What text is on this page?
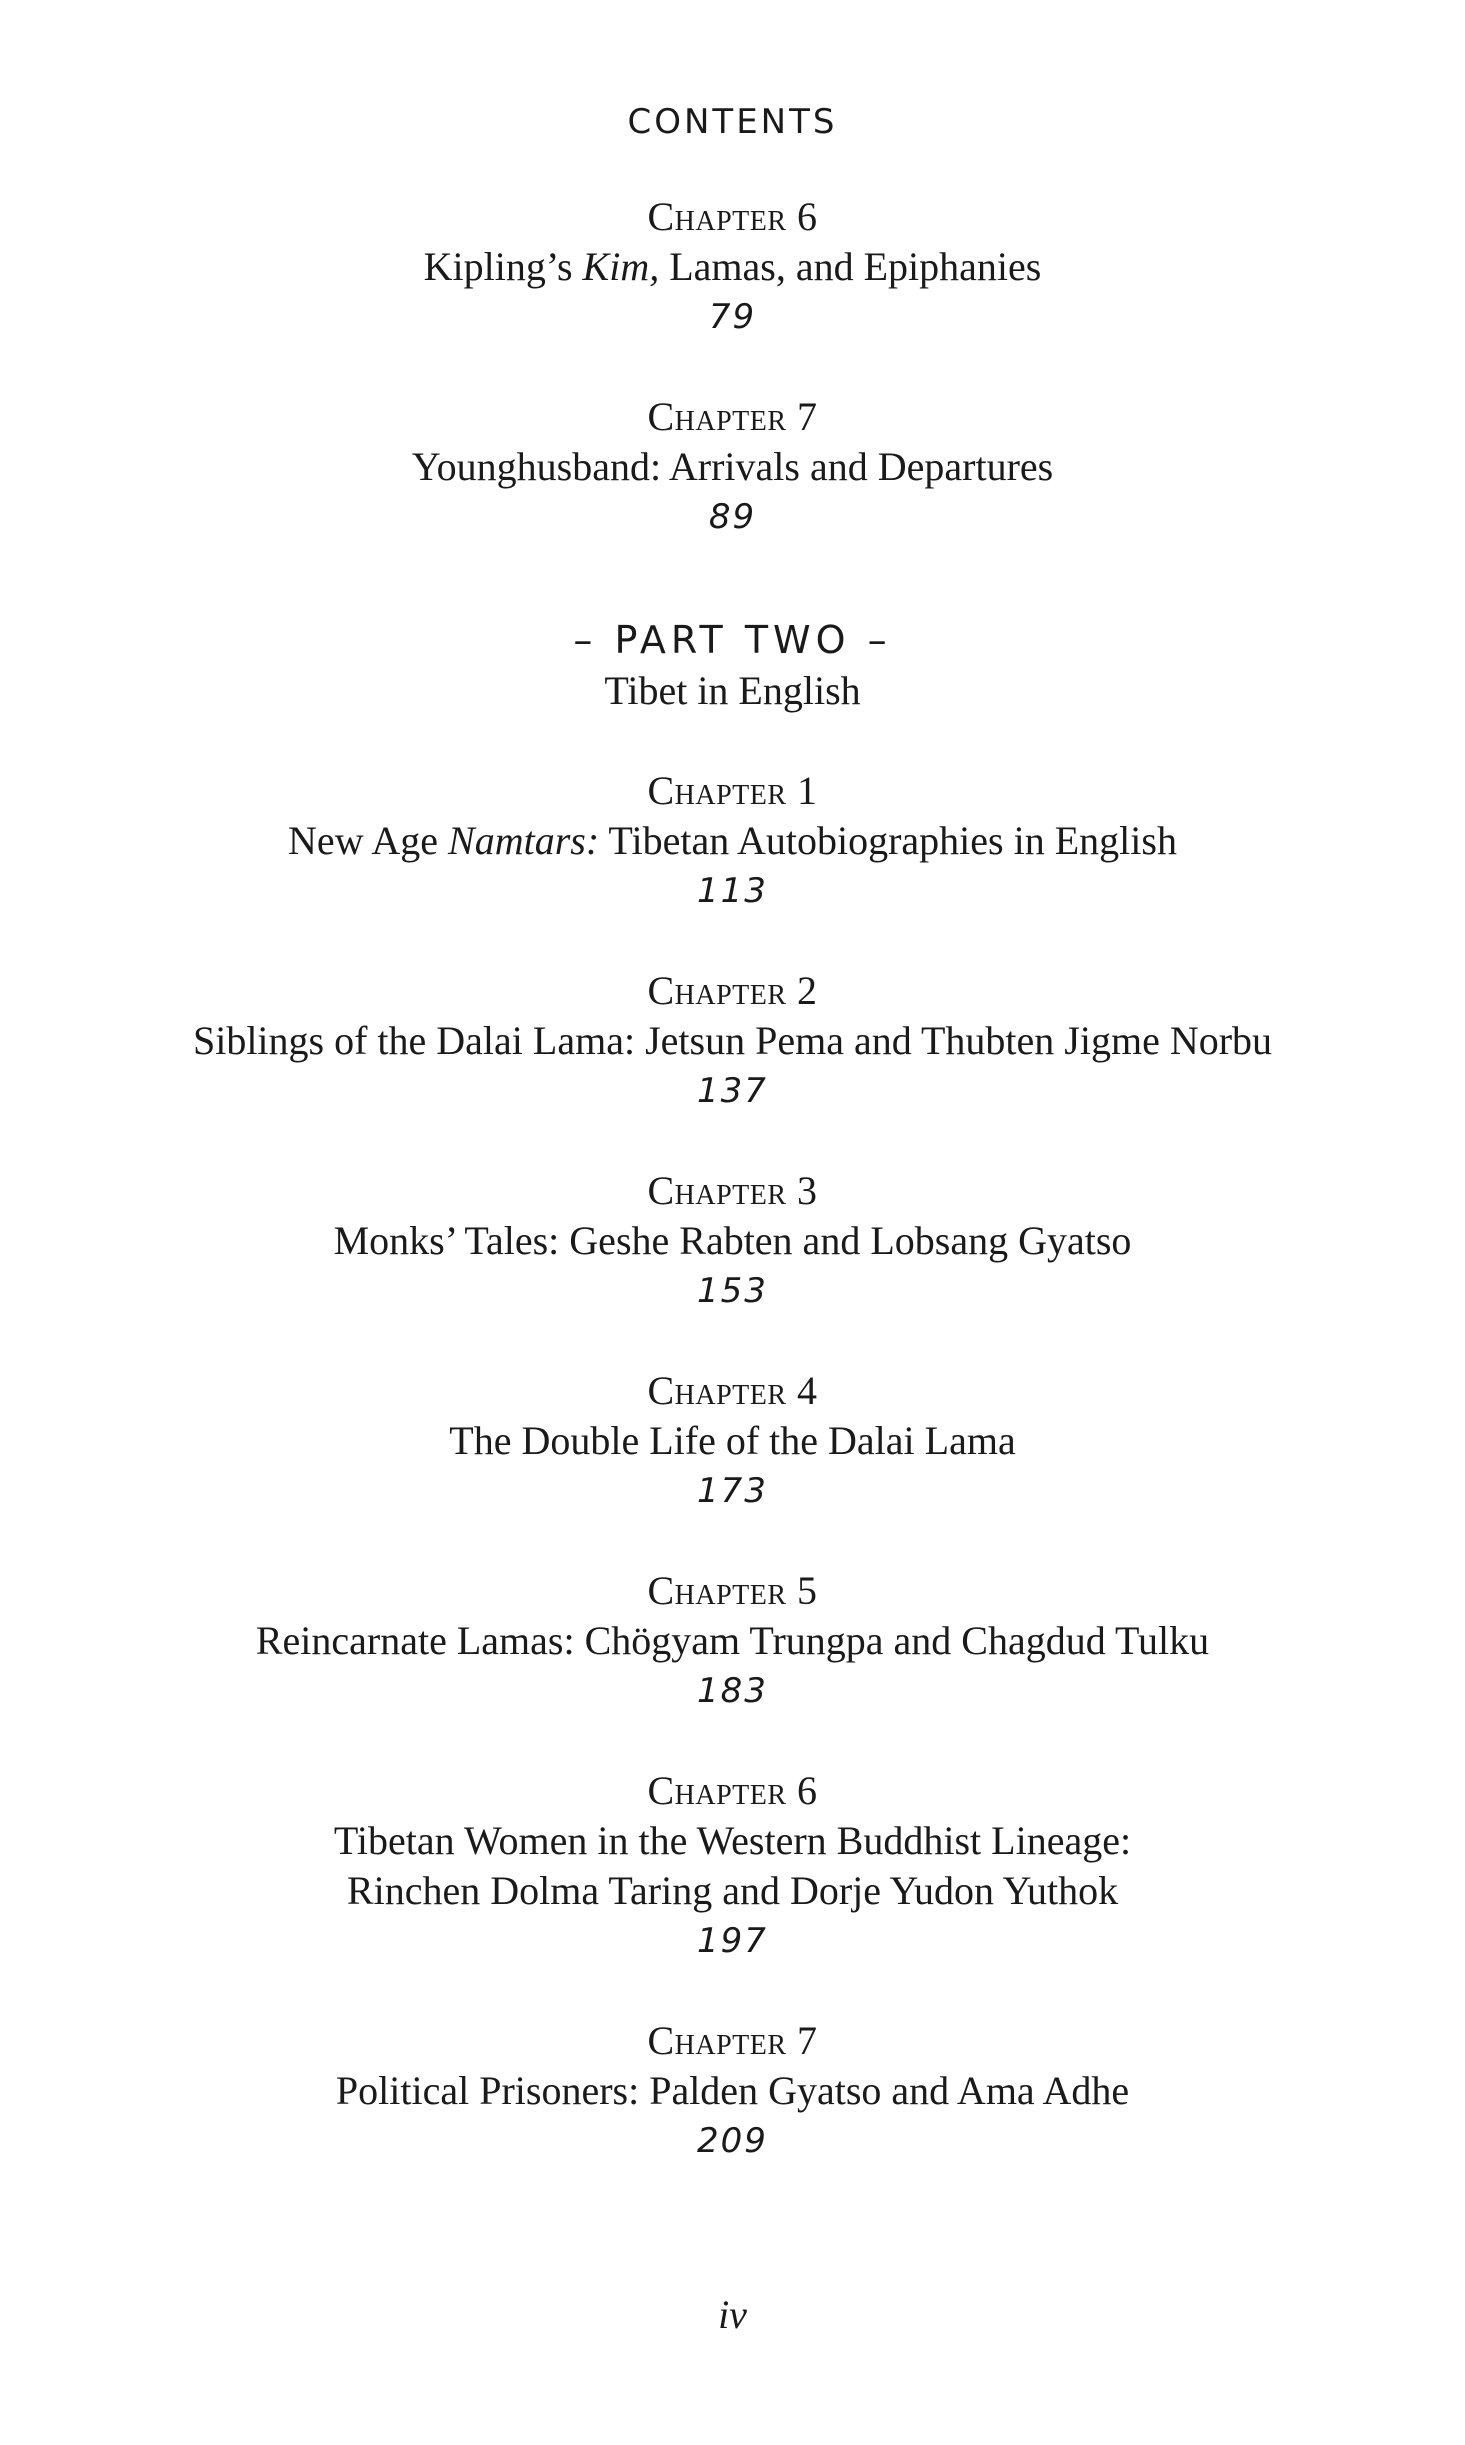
CONTENTS
Chapter 6
Kipling’s Kim, Lamas, and Epiphanies
79
Chapter 7
Younghusband: Arrivals and Departures
89
– PART TWO –
Tibet in English
Chapter 1
New Age Namtars: Tibetan Autobiographies in English
113
Chapter 2
Siblings of the Dalai Lama: Jetsun Pema and Thubten Jigme Norbu
137
Chapter 3
Monks’ Tales: Geshe Rabten and Lobsang Gyatso
153
Chapter 4
The Double Life of the Dalai Lama
173
Chapter 5
Reincarnate Lamas: Chögyam Trungpa and Chagdud Tulku
183
Chapter 6
Tibetan Women in the Western Buddhist Lineage:
Rinchen Dolma Taring and Dorje Yudon Yuthok
197
Chapter 7
Political Prisoners: Palden Gyatso and Ama Adhe
209
iv
